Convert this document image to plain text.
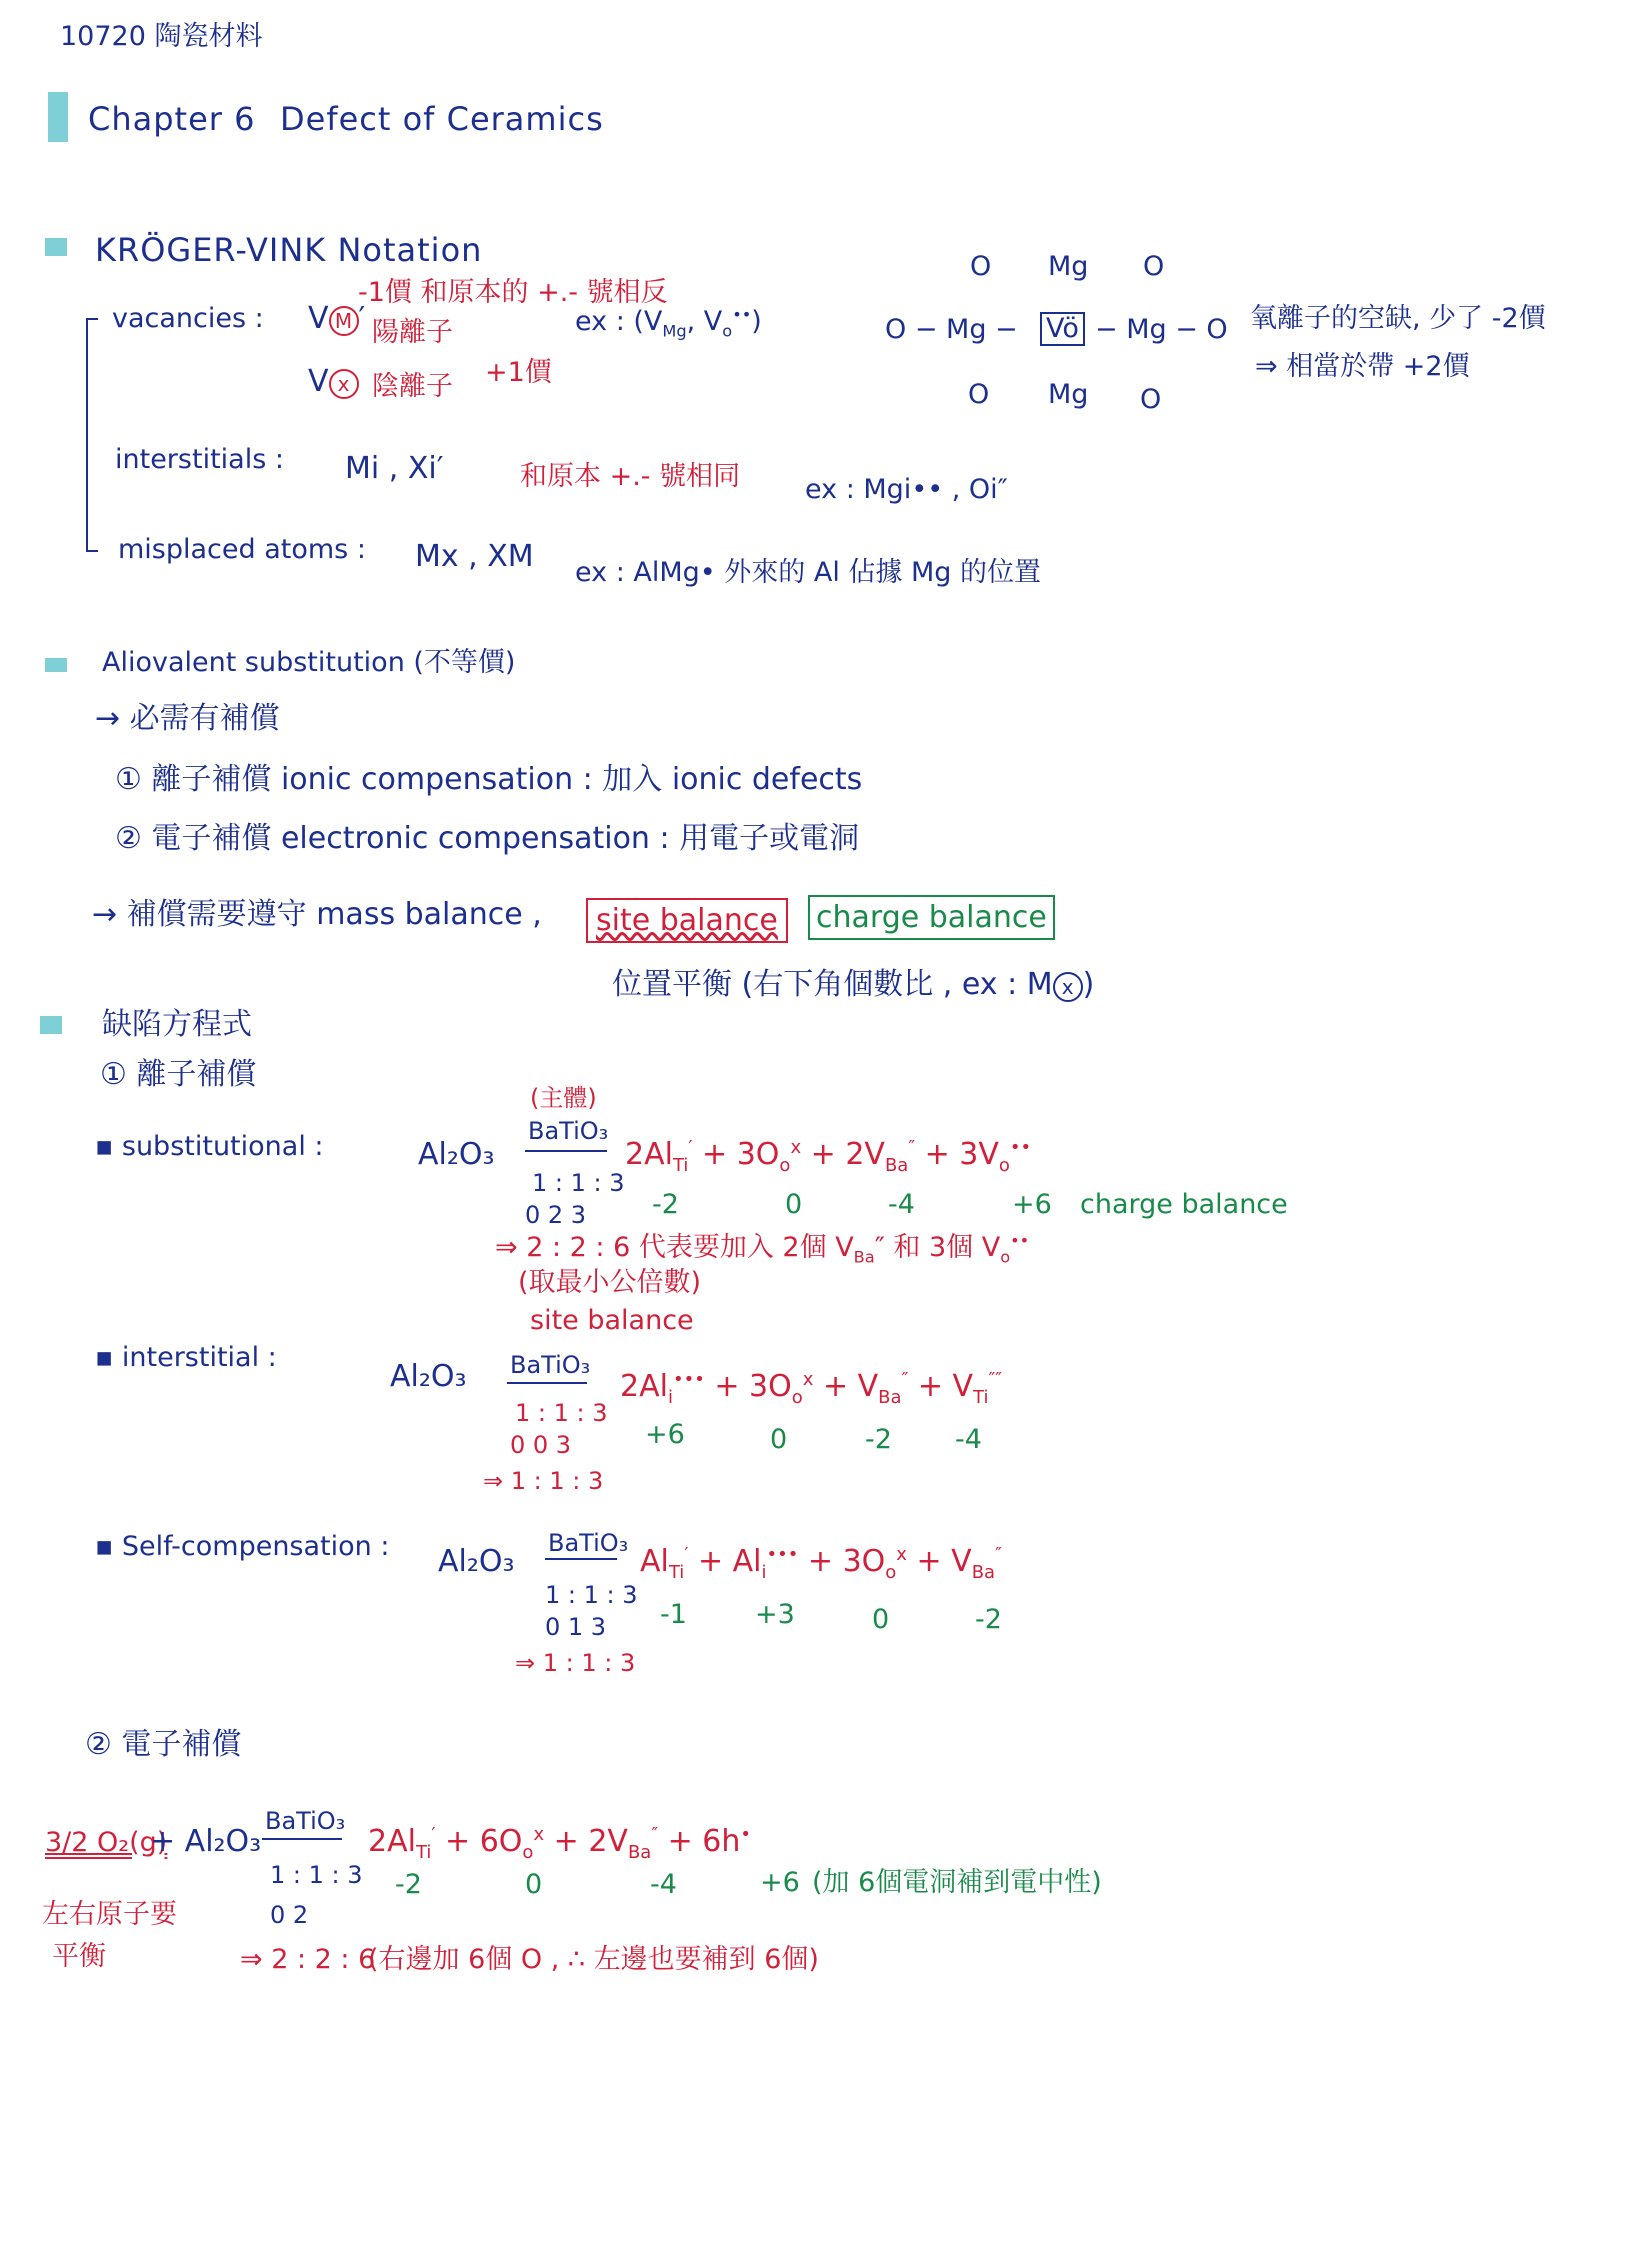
10720 陶瓷材料
Chapter 6 Defect of Ceramics
KRÖGER-VINK Notation
vacancies : V M ′
-1價 和原本的 +.- 號相反
陽離子
V x 陰離子 +1價
ex : ($V_{Mg}$, $V_o^{••}$)
O Mg O
O − Mg − Vö − Mg − O
O Mg O
氧離子的空缺, 少了 -2價
⇒ 相當於帶 +2價
interstitials : Mi , Xi′	和原本 +.- 號相同 ex : Mgi•• , Oi″
misplaced atoms : Mx , XM ex : AlMg• 外來的 Al 佔據 Mg 的位置
Aliovalent substitution (不等價)
→ 必需有補償
① 離子補償 ionic compensation : 加入 ionic defects
② 電子補償 electronic compensation : 用電子或電洞
→ 補償需要遵守 mass balance ,	site balance	charge balance
位置平衡 (右下角個數比 , ex : M x )
缺陷方程式
① 離子補償
▪ substitutional :
(主體)
Al₂O₃
BaTiO₃
1 : 1 : 3
0 2 3
$2Al_{Ti}' + 3O_o^x + 2V_{Ba}'' + 3V_o^{••}$
-2	0	-4	+6 charge balance
⇒ 2 : 2 : 6 代表要加入 2個 $V_{Ba}''$ 和 3個 $V_o^{••}$
(取最小公倍數)
site balance
▪ interstitial :
Al₂O₃ BaTiO₃
1 : 1 : 3
0 0 3
⇒ 1 : 1 : 3
$2Al_i^{•••} + 3O_o^x + V_{Ba}'' + V_{Ti}''''$
+6	0	-2 -4
▪ Self-compensation : Al₂O₃
BaTiO₃
1 : 1 : 3
0 1 3
⇒ 1 : 1 : 3
$Al_{Ti}' + Al_i^{•••} + 3O_o^x + V_{Ba}''$
-1	+3	0	-2
② 電子補償
3/2 O₂(g)
+ Al₂O₃
BaTiO₃
1 : 1 : 3
0 2
⇒ 2 : 2 : 6
(右邊加 6個 O , ∴ 左邊也要補到 6個)
$2Al_{Ti}' + 6O_o^x + 2V_{Ba}'' + 6h^•$
-2	0	-4	+6 (加 6個電洞補到電中性)
左右原子要
平衡
